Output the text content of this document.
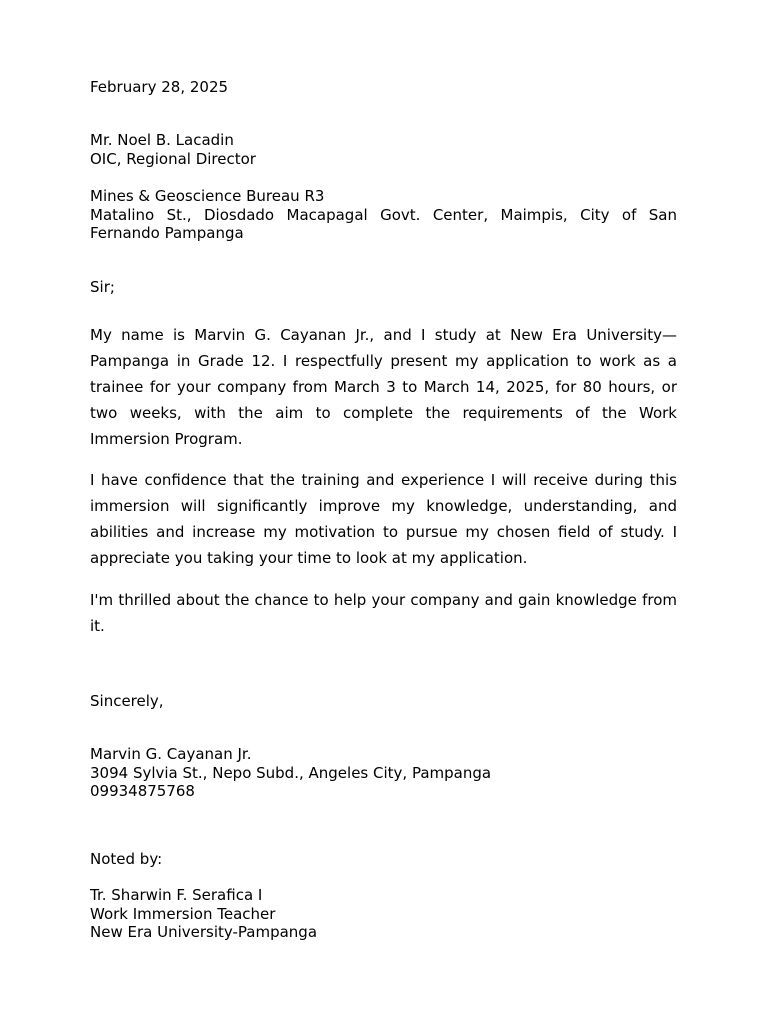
February 28, 2025
Mr. Noel B. Lacadin
OIC, Regional Director
Mines & Geoscience Bureau R3
Matalino St., Diosdado Macapagal Govt. Center, Maimpis, City of San
Fernando Pampanga
Sir;

My name is Marvin G. Cayanan Jr., and I study at New Era University—Pampanga in Grade 12. I respectfully present my application to work as a trainee for your company from March 3 to March 14, 2025, for 80 hours, or two weeks, with the aim to complete the requirements of the Work Immersion Program.

I have confidence that the training and experience I will receive during this immersion will significantly improve my knowledge, understanding, and abilities and increase my motivation to pursue my chosen field of study. I appreciate you taking your time to look at my application.

I'm thrilled about the chance to help your company and gain knowledge from it.

Sincerely,
Marvin G. Cayanan Jr.
3094 Sylvia St., Nepo Subd., Angeles City, Pampanga
09934875768
Noted by:
Tr. Sharwin F. Serafica I
Work Immersion Teacher
New Era University-Pampanga
